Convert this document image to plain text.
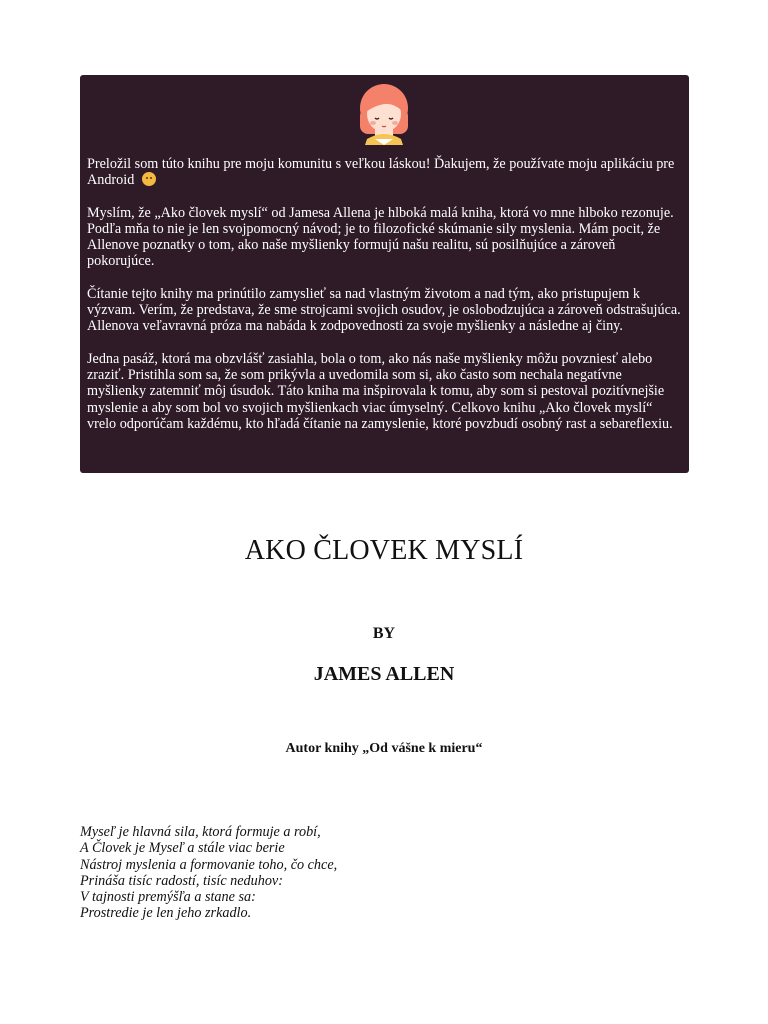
Preložil som túto knihu pre moju komunitu s veľkou láskou! Ďakujem, že používate moju aplikáciu pre Android

Myslím, že „Ako človek myslí“ od Jamesa Allena je hlboká malá kniha, ktorá vo mne hlboko rezonuje. Podľa mňa to nie je len svojpomocný návod; je to filozofické skúmanie sily myslenia. Mám pocit, že Allenove poznatky o tom, ako naše myšlienky formujú našu realitu, sú posilňujúce a zároveň pokorujúce.

Čítanie tejto knihy ma prinútilo zamyslieť sa nad vlastným životom a nad tým, ako pristupujem k výzvam. Verím, že predstava, že sme strojcami svojich osudov, je oslobodzujúca a zároveň odstrašujúca. Allenova veľavravná próza ma nabáda k zodpovednosti za svoje myšlienky a následne aj činy.

Jedna pasáž, ktorá ma obzvlášť zasiahla, bola o tom, ako nás naše myšlienky môžu povzniesť alebo zraziť. Pristihla som sa, že som prikývla a uvedomila som si, ako často som nechala negatívne myšlienky zatemniť môj úsudok. Táto kniha ma inšpirovala k tomu, aby som si pestoval pozitívnejšie myslenie a aby som bol vo svojich myšlienkach viac úmyselný. Celkovo knihu „Ako človek myslí“ vrelo odporúčam každému, kto hľadá čítanie na zamyslenie, ktoré povzbudí osobný rast a sebareflexiu.

AKO ČLOVEK MYSLÍ
BY
JAMES ALLEN
Autor knihy „Od vášne k mieru“
Myseľ je hlavná sila, ktorá formuje a robí,
A Človek je Myseľ a stále viac berie
Nástroj myslenia a formovanie toho, čo chce,
Prináša tisíc radostí, tisíc neduhov:
V tajnosti premýšľa a stane sa:
Prostredie je len jeho zrkadlo.
